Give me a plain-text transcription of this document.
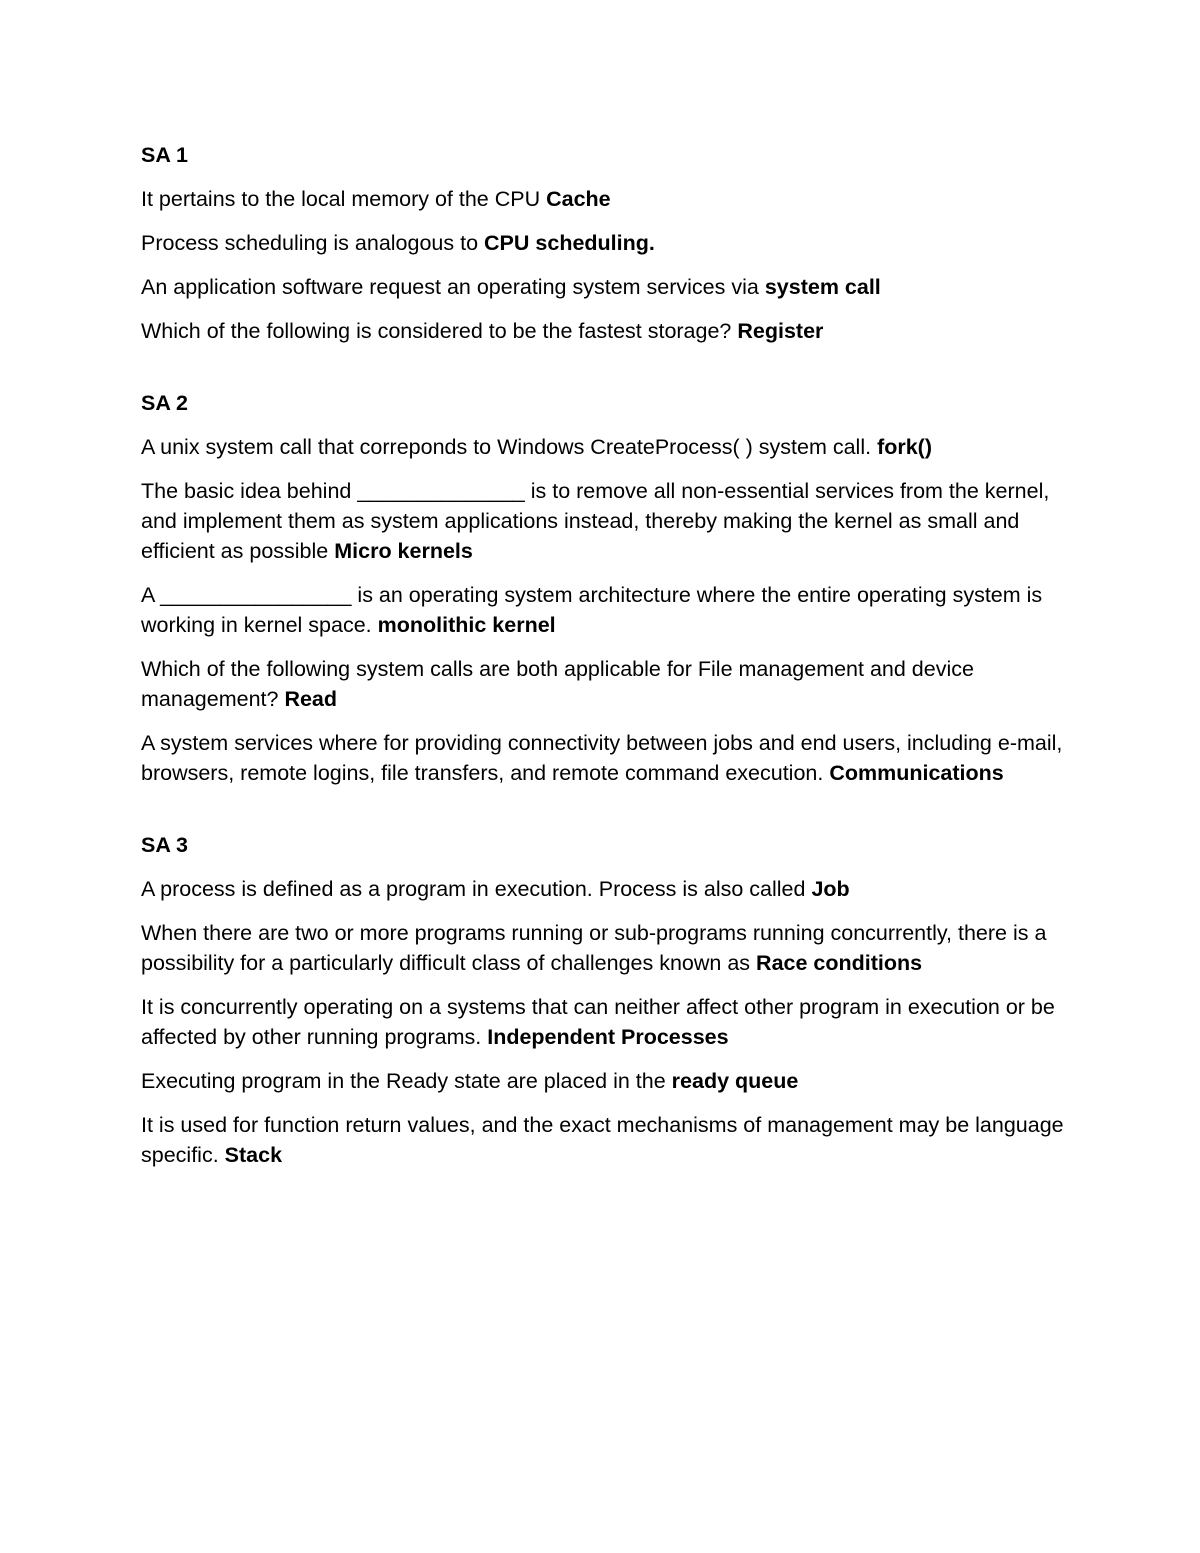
SA 1

It pertains to the local memory of the CPU Cache

Process scheduling is analogous to CPU scheduling.

An application software request an operating system services via system call

Which of the following is considered to be the fastest storage? Register

SA 2

A unix system call that correponds to Windows CreateProcess( ) system call. fork()

The basic idea behind ______________ is to remove all non-essential services from the kernel, and implement them as system applications instead, thereby making the kernel as small and efficient as possible Micro kernels

A ________________ is an operating system architecture where the entire operating system is working in kernel space. monolithic kernel

Which of the following system calls are both applicable for File management and device management? Read

A system services where for providing connectivity between jobs and end users, including e-mail, browsers, remote logins, file transfers, and remote command execution. Communications

SA 3

A process is defined as a program in execution. Process is also called Job

When there are two or more programs running or sub-programs running concurrently, there is a possibility for a particularly difficult class of challenges known as Race conditions

It is concurrently operating on a systems that can neither affect other program in execution or be affected by other running programs. Independent Processes

Executing program in the Ready state are placed in the ready queue

It is used for function return values, and the exact mechanisms of management may be language specific. Stack
